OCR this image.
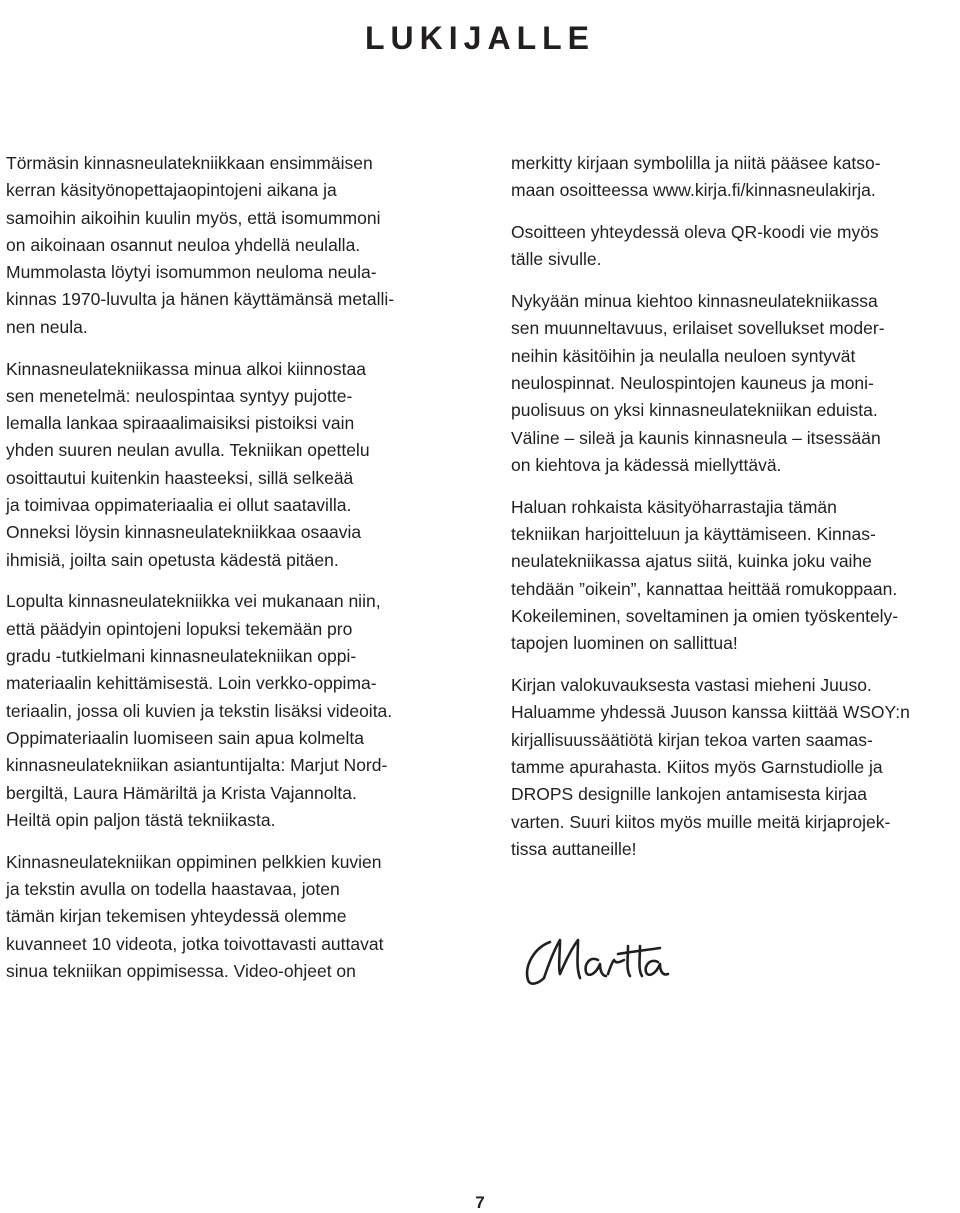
LUKIJALLE

Törmäsin kinnasneulatekniikkaan ensimmäisen
kerran käsityönopettajaopintojeni aikana ja
samoihin aikoihin kuulin myös, että isomummoni
on aikoinaan osannut neuloa yhdellä neulalla.
Mummolasta löytyi isomummon neuloma neula-
kinnas 1970-luvulta ja hänen käyttämänsä metalli-
nen neula.

Kinnasneulatekniikassa minua alkoi kiinnostaa
sen menetelmä: neulospintaa syntyy pujotte-
lemalla lankaa spiraaalimaisiksi pistoiksi vain
yhden suuren neulan avulla. Tekniikan opettelu
osoittautui kuitenkin haasteeksi, sillä selkeää
ja toimivaa oppimateriaalia ei ollut saatavilla.
Onneksi löysin kinnasneulatekniikkaa osaavia
ihmisiä, joilta sain opetusta kädestä pitäen.

Lopulta kinnasneulatekniikka vei mukanaan niin,
että päädyin opintojeni lopuksi tekemään pro
gradu -tutkielmani kinnasneulatekniikan oppi-
materiaalin kehittämisestä. Loin verkko-oppima-
teriaalin, jossa oli kuvien ja tekstin lisäksi videoita.
Oppimateriaalin luomiseen sain apua kolmelta
kinnasneulatekniikan asiantuntijalta: Marjut Nord-
bergiltä, Laura Hämäriltä ja Krista Vajannolta.
Heiltä opin paljon tästä tekniikasta.

Kinnasneulatekniikan oppiminen pelkkien kuvien
ja tekstin avulla on todella haastavaa, joten
tämän kirjan tekemisen yhteydessä olemme
kuvanneet 10 videota, jotka toivottavasti auttavat
sinua tekniikan oppimisessa. Video-ohjeet on

merkitty kirjaan symbolilla ja niitä pääsee katso-
maan osoitteessa www.kirja.fi/kinnasneulakirja.

Osoitteen yhteydessä oleva QR-koodi vie myös
tälle sivulle.

Nykyään minua kiehtoo kinnasneulatekniikassa
sen muunneltavuus, erilaiset sovellukset moder-
neihin käsitöihin ja neulalla neuloen syntyvät
neulospinnat. Neulospintojen kauneus ja moni-
puolisuus on yksi kinnasneulatekniikan eduista.
Väline – sileä ja kaunis kinnasneula – itsessään
on kiehtova ja kädessä miellyttävä.

Haluan rohkaista käsityöharrastajia tämän
tekniikan harjoitteluun ja käyttämiseen. Kinnas-
neulatekniikassa ajatus siitä, kuinka joku vaihe
tehdään ”oikein”, kannattaa heittää romukoppaan.
Kokeileminen, soveltaminen ja omien työskentely-
tapojen luominen on sallittua!

Kirjan valokuvauksesta vastasi mieheni Juuso.
Haluamme yhdessä Juuson kanssa kiittää WSOY:n
kirjallisuussäätiötä kirjan tekoa varten saamas-
tamme apurahasta. Kiitos myös Garnstudiolle ja
DROPS designille lankojen antamisesta kirjaa
varten. Suuri kiitos myös muille meitä kirjaprojek-
tissa auttaneille!

7
